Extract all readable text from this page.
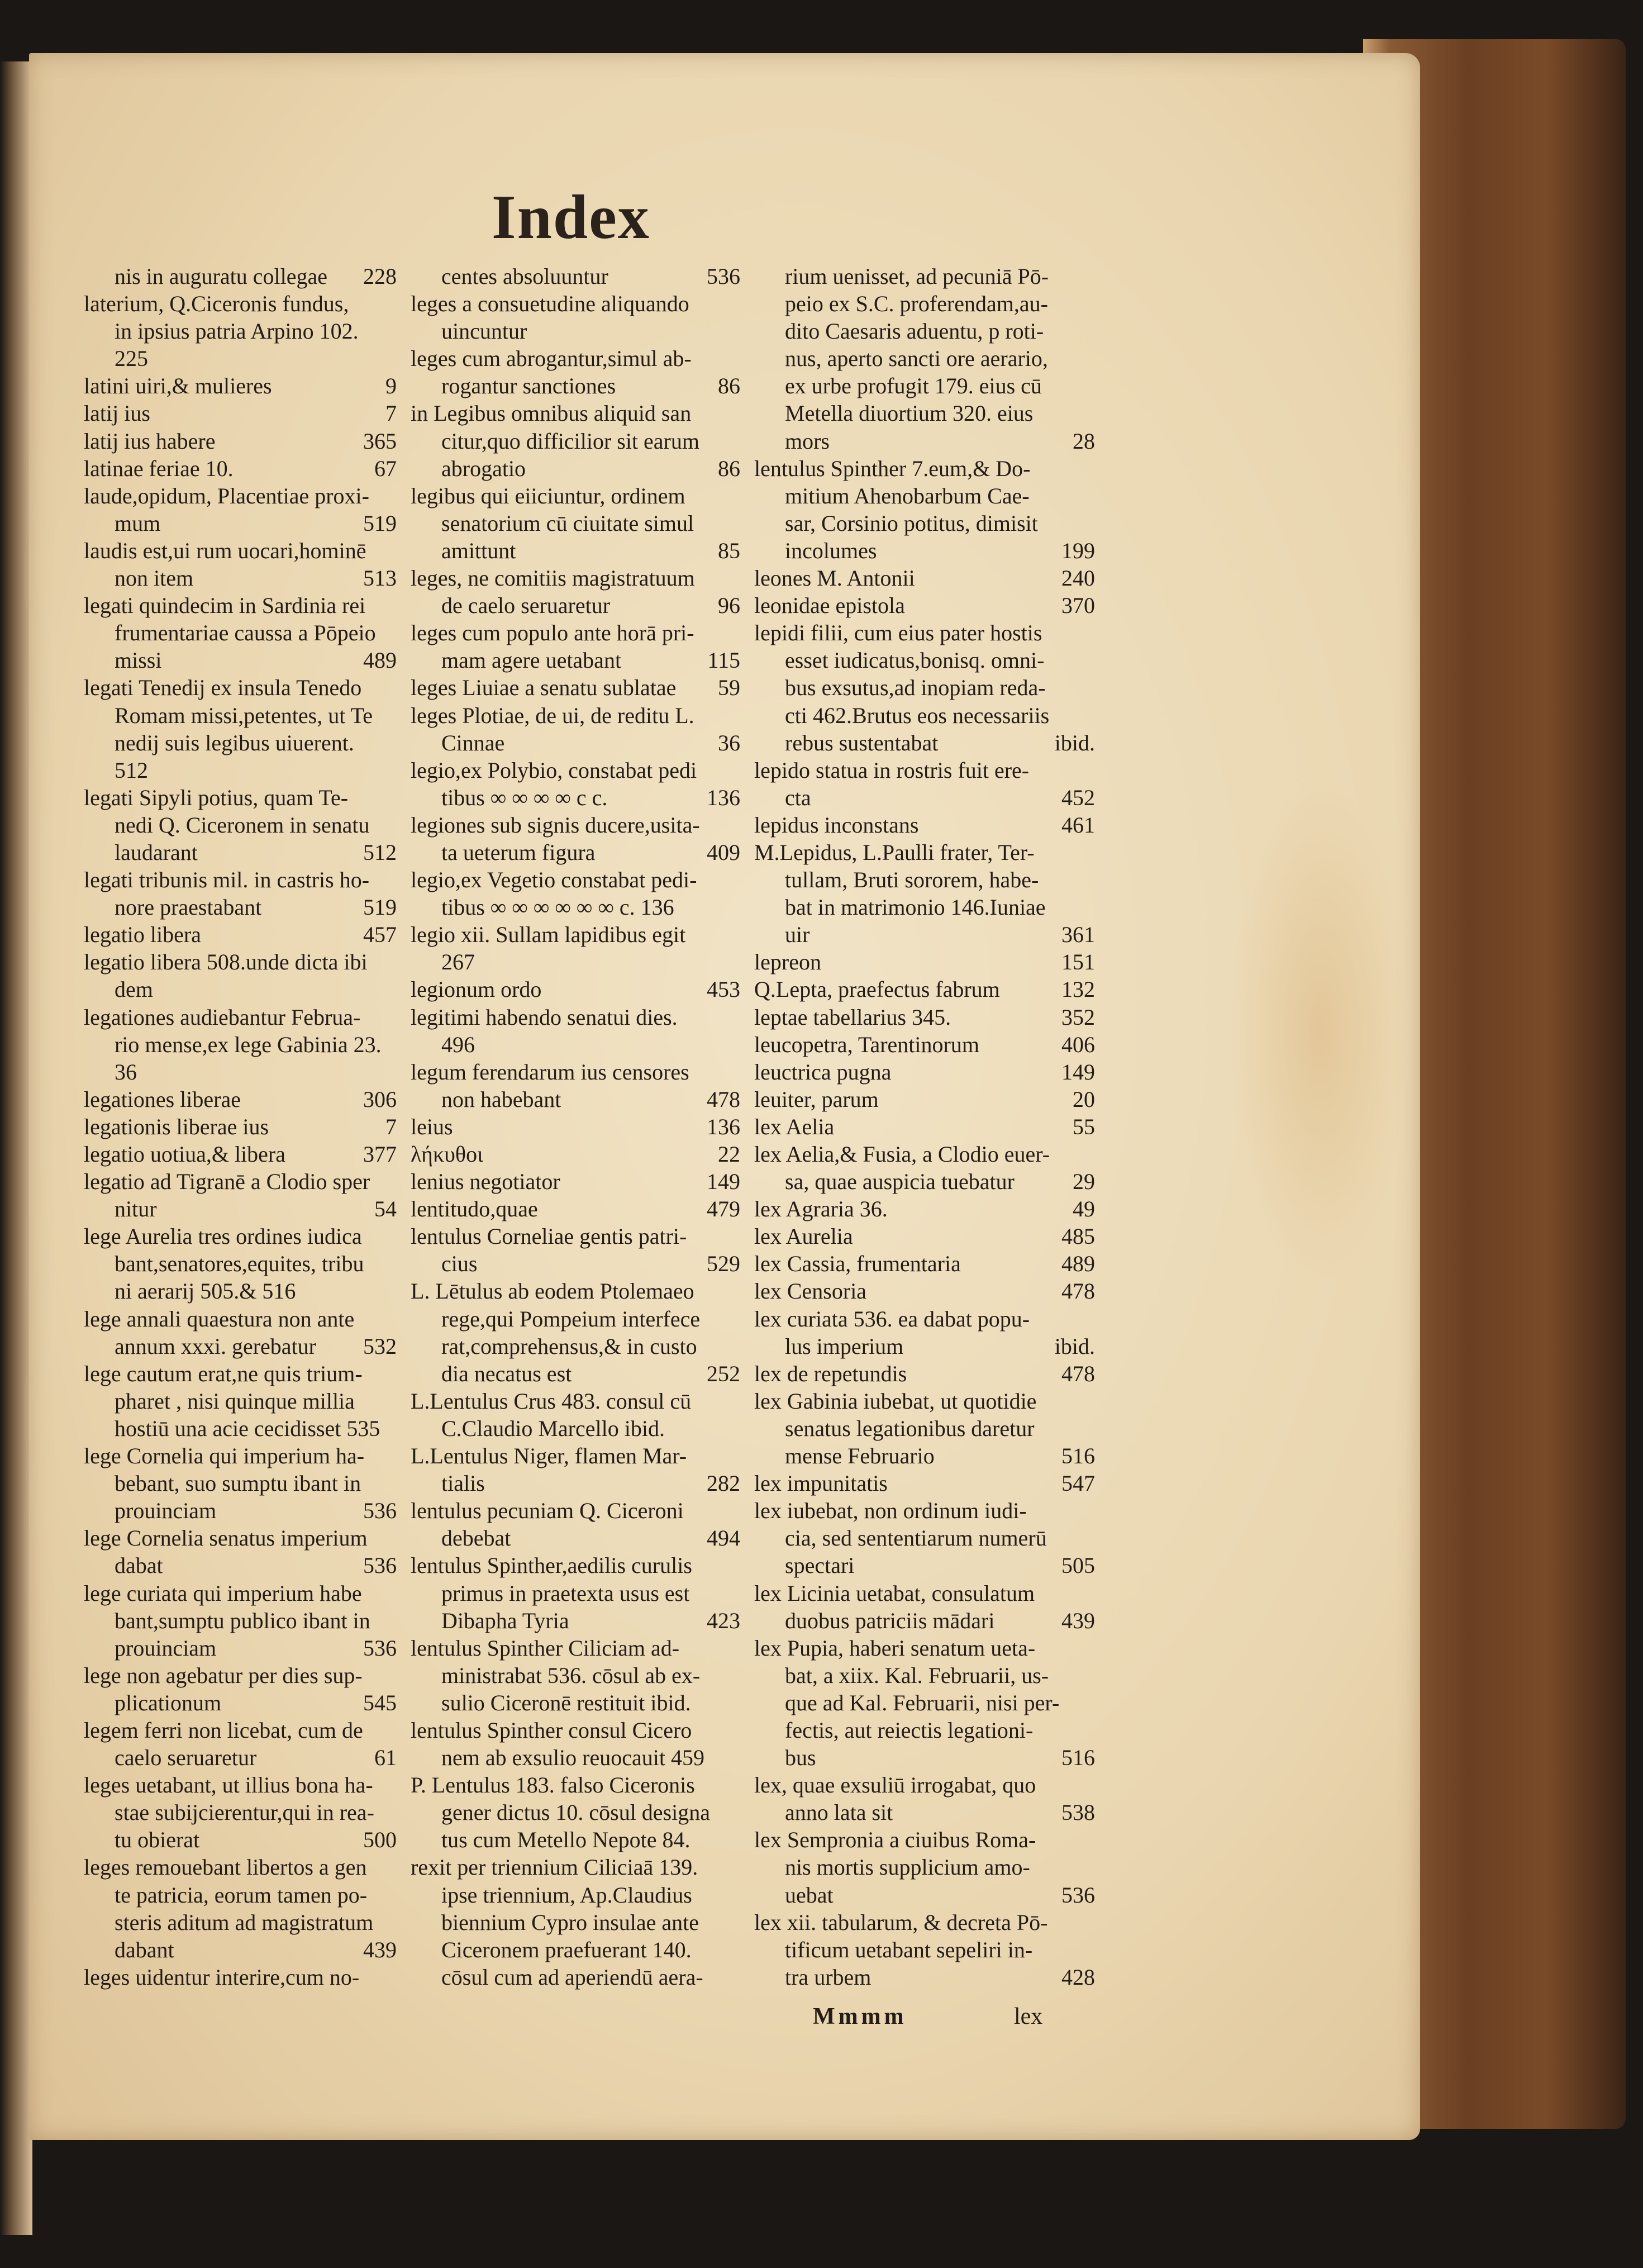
Index
228
nis in auguratu collegae
laterium, Q.Ciceronis fundus,
in ipsius patria Arpino 102.
225
9
latini uiri,& mulieres
7
latij ius
365
latij ius habere
67
latinae feriae 10.
laude,opidum, Placentiae proxi-
519
mum
laudis est,ui rum uocari,hominē
513
non item
legati quindecim in Sardinia rei
frumentariae caussa a Pōpeio
489
missi
legati Tenedij ex insula Tenedo
Romam missi,petentes, ut Te
nedij suis legibus uiuerent.
512
legati Sipyli potius, quam Te-
nedi Q. Ciceronem in senatu
512
laudarant
legati tribunis mil. in castris ho-
519
nore praestabant
457
legatio libera
legatio libera 508.unde dicta ibi
dem
legationes audiebantur Februa-
rio mense,ex lege Gabinia 23.
36
306
legationes liberae
7
legationis liberae ius
377
legatio uotiua,& libera
legatio ad Tigranē a Clodio sper
54
nitur
lege Aurelia tres ordines iudica
bant,senatores,equites, tribu
ni aerarij 505.& 516
lege annali quaestura non ante
532
annum xxxi. gerebatur
lege cautum erat,ne quis trium-
pharet , nisi quinque millia
hostiū una acie cecidisset 535
lege Cornelia qui imperium ha-
bebant, suo sumptu ibant in
536
prouinciam
lege Cornelia senatus imperium
536
dabat
lege curiata qui imperium habe
bant,sumptu publico ibant in
536
prouinciam
lege non agebatur per dies sup-
545
plicationum
legem ferri non licebat, cum de
61
caelo seruaretur
leges uetabant, ut illius bona ha-
stae subijcierentur,qui in rea-
500
tu obierat
leges remouebant libertos a gen
te patricia, eorum tamen po-
steris aditum ad magistratum
439
dabant
leges uidentur interire,cum no-
536
centes absoluuntur
leges a consuetudine aliquando
uincuntur
leges cum abrogantur,simul ab-
86
rogantur sanctiones
in Legibus omnibus aliquid san
citur,quo difficilior sit earum
86
abrogatio
legibus qui eiiciuntur, ordinem
senatorium cū ciuitate simul
85
amittunt
leges, ne comitiis magistratuum
96
de caelo seruaretur
leges cum populo ante horā pri-
115
mam agere uetabant
59
leges Liuiae a senatu sublatae
leges Plotiae, de ui, de reditu L.
36
Cinnae
legio,ex Polybio, constabat pedi
136
tibus ∞ ∞ ∞ ∞ c c.
legiones sub signis ducere,usita-
409
ta ueterum figura
legio,ex Vegetio constabat pedi-
tibus ∞ ∞ ∞ ∞ ∞ ∞ c. 136
legio xii. Sullam lapidibus egit
267
453
legionum ordo
legitimi habendo senatui dies.
496
legum ferendarum ius censores
478
non habebant
136
leius
22
λήκυθοι
149
lenius negotiator
479
lentitudo,quae
lentulus Corneliae gentis patri-
529
cius
L. Lētulus ab eodem Ptolemaeo
rege,qui Pompeium interfece
rat,comprehensus,& in custo
252
dia necatus est
L.Lentulus Crus 483. consul cū
C.Claudio Marcello ibid.
L.Lentulus Niger, flamen Mar-
282
tialis
lentulus pecuniam Q. Ciceroni
494
debebat
lentulus Spinther,aedilis curulis
primus in praetexta usus est
423
Dibapha Tyria
lentulus Spinther Ciliciam ad-
ministrabat 536. cōsul ab ex-
sulio Ciceronē restituit ibid.
lentulus Spinther consul Cicero
nem ab exsulio reuocauit 459
P. Lentulus 183. falso Ciceronis
gener dictus 10. cōsul designa
tus cum Metello Nepote 84.
rexit per triennium Ciliciaā 139.
ipse triennium, Ap.Claudius
biennium Cypro insulae ante
Ciceronem praefuerant 140.
cōsul cum ad aperiendū aera-
rium uenisset, ad pecuniā Pō-
peio ex S.C. proferendam,au-
dito Caesaris aduentu, p roti-
nus, aperto sancti ore aerario,
ex urbe profugit 179. eius cū
Metella diuortium 320. eius
28
mors
lentulus Spinther 7.eum,& Do-
mitium Ahenobarbum Cae-
sar, Corsinio potitus, dimisit
199
incolumes
240
leones M. Antonii
370
leonidae epistola
lepidi filii, cum eius pater hostis
esset iudicatus,bonisq. omni-
bus exsutus,ad inopiam reda-
cti 462.Brutus eos necessariis
ibid.
rebus sustentabat
lepido statua in rostris fuit ere-
452
cta
461
lepidus inconstans
M.Lepidus, L.Paulli frater, Ter-
tullam, Bruti sororem, habe-
bat in matrimonio 146.Iuniae
361
uir
151
lepreon
132
Q.Lepta, praefectus fabrum
352
leptae tabellarius 345.
406
leucopetra, Tarentinorum
149
leuctrica pugna
20
leuiter, parum
55
lex Aelia
lex Aelia,& Fusia, a Clodio euer-
29
sa, quae auspicia tuebatur
49
lex Agraria 36.
485
lex Aurelia
489
lex Cassia, frumentaria
478
lex Censoria
lex curiata 536. ea dabat popu-
ibid.
lus imperium
478
lex de repetundis
lex Gabinia iubebat, ut quotidie
senatus legationibus daretur
516
mense Februario
547
lex impunitatis
lex iubebat, non ordinum iudi-
cia, sed sententiarum numerū
505
spectari
lex Licinia uetabat, consulatum
439
duobus patriciis mādari
lex Pupia, haberi senatum ueta-
bat, a xiix. Kal. Februarii, us-
que ad Kal. Februarii, nisi per-
fectis, aut reiectis legationi-
516
bus
lex, quae exsuliū irrogabat, quo
538
anno lata sit
lex Sempronia a ciuibus Roma-
nis mortis supplicium amo-
536
uebat
lex xii. tabularum, & decreta Pō-
tificum uetabant sepeliri in-
428
tra urbem
Mmmm	lex
